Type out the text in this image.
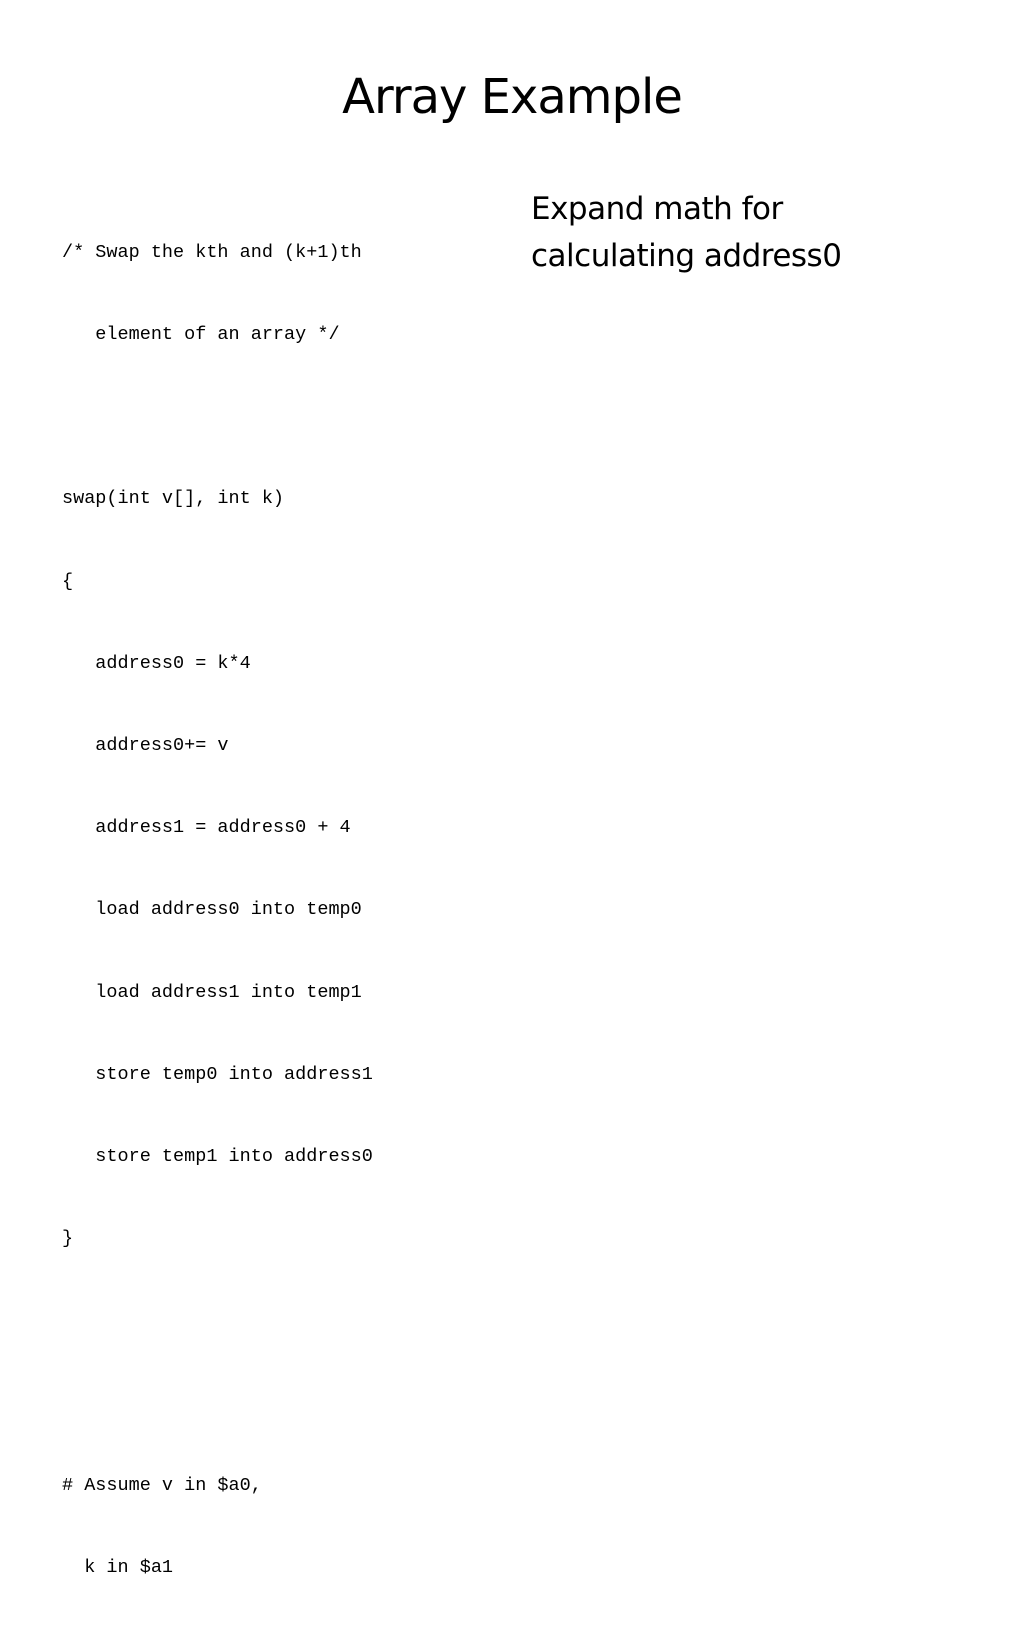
Array Example

/* Swap the kth and (k+1)th

element of an array */

swap(int v[], int k)

{

address0 = k*4

address0+= v

address1 = address0 + 4

load address0 into temp0

load address1 into temp1

store temp0 into address1

store temp1 into address0

}

# Assume v in $a0,

k in $a1

Expand math for
calculating address0
